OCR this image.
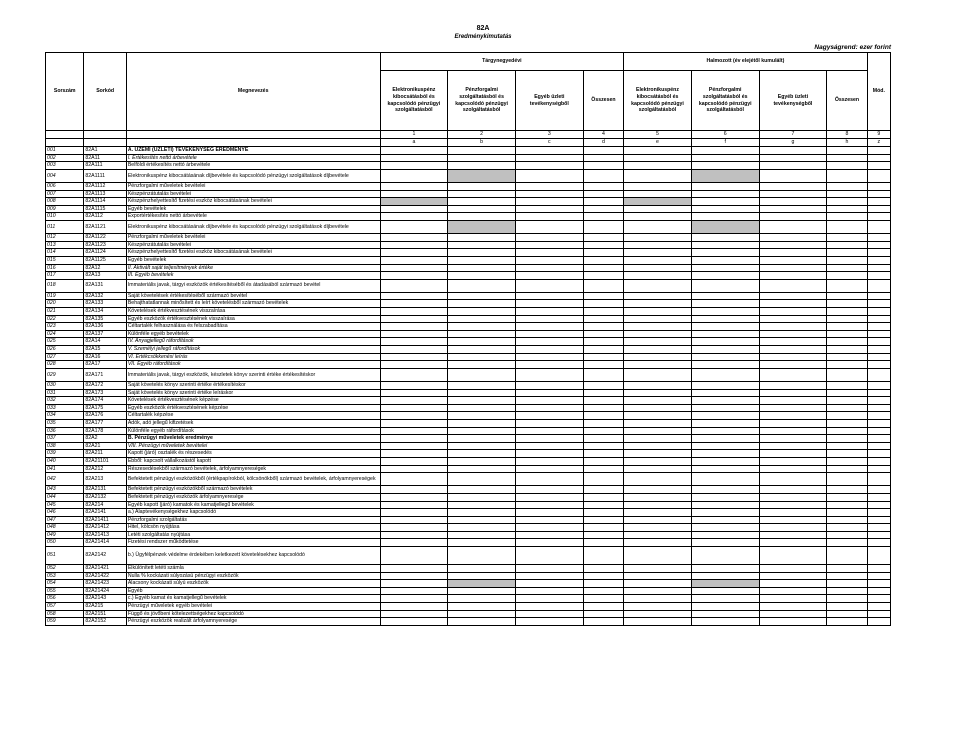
82A
Eredménykimutatás
Nagyságrend: ezer forint
Sorszám	Sorkód	Megnevezés	Tárgynegyedévi				Halmozott (év elejétől kumulált)				Mód.
			Elektronikuspénz kibocsátásból és kapcsolódó pénzügyi szolgáltatásból	Pénzforgalmi szolgáltatásból és kapcsolódó pénzügyi szolgáltatásból	Egyéb üzleti tevékenységből	Összesen	Elektronikuspénz kibocsátásból és kapcsolódó pénzügyi szolgáltatásból	Pénzforgalmi szolgáltatásból és kapcsolódó pénzügyi szolgáltatásból	Egyéb üzleti tevékenységből	Összesen	
			1	2	3	4	5	6	7	8	9
			a	b	c	d	e	f	g	h	z
001	82A1	A. ÜZEMI (ÜZLETI) TEVÉKENYSÉG EREDMÉNYE									
002	82A11	I. Értékesítés nettó árbevétele									
003	82A111	Belföldi értékesítés nettó árbevétele									
004	82A1111	Elektronikuspénz kibocsátásának díjbevétele és kapcsolódó pénzügyi szolgáltatások díjbevétele									
006	82A1112	Pénzforgalmi műveletek bevételei									
007	82A1113	Készpénzátutalás bevételei									
008	82A1114	Készpénzhelyettesítő fizetési eszköz kibocsátásának bevételei									
009	82A1115	Egyéb bevételek									
010	82A112	Exportértékesítés nettó árbevétele									
011	82A1121	Elektronikuspénz kibocsátásának díjbevétele és kapcsolódó pénzügyi szolgáltatások díjbevétele									
012	82A1122	Pénzforgalmi műveletek bevételei									
013	82A1123	Készpénzátutalás bevételei									
014	82A1124	Készpénzhelyettesítő fizetési eszköz kibocsátásának bevételei									
015	82A1125	Egyéb bevételek									
016	82A12	II. Aktivált saját teljesítmények értéke									
017	82A13	III. Egyéb bevételek									
018	82A131	Immateriális javak, tárgyi eszközök értékesítéséből és átadásából származó bevétel									
019	82A132	Saját követelések értékesítéséből származó bevétel									
020	82A133	Behajthatatlannak minősített és leírt követelésből származó bevételek									
021	82A134	Követelések értékvesztésének visszaírása									
022	82A135	Egyéb eszközök értékvesztésének visszaírása									
023	82A136	Céltartalék felhasználása és felszabadítása									
024	82A137	Különféle egyéb bevételek									
025	82A14	IV. Anyagjellegű ráfordítások									
026	82A15	V. Személyi jellegű ráfordítások									
027	82A16	VI. Értékcsökkenési leírás									
028	82A17	VII. Egyéb ráfordítások									
029	82A171	Immateriális javak, tárgyi eszközök, készletek könyv szerinti értéke értékesítéskor									
030	82A172	Saját követelés könyv szerinti értéke értékesítéskor									
031	82A173	Saját követelés könyv szerinti értéke leíráskor									
032	82A174	Követelések értékvesztésének képzése									
033	82A175	Egyéb eszközök értékvesztésének képzése									
034	82A176	Céltartalék képzése									
035	82A177	Adók, adó jellegű kifizetések									
036	82A178	Különféle egyéb ráfordítások									
037	82A2	B. Pénzügyi műveletek eredménye									
038	82A21	VIII. Pénzügyi műveletek bevételei									
039	82A211	Kapott (járó) osztalék és részesedés									
040	82A21101	Ebből: kapcsolt vállalkozástól kapott									
041	82A212	Részesedésekből származó bevételek, árfolyamnyereségek									
042	82A213	Befektetett pénzügyi eszközökből (értékpapírokból, kölcsönökből) származó bevételek, árfolyamnyereségek									
043	82A2131	Befektetett pénzügyi eszközökből származó bevételek									
044	82A2132	Befektetett pénzügyi eszközök árfolyamnyeresége									
045	82A214	Egyéb kapott (járó) kamatok és kamatjellegű bevételek									
046	82A2141	a.) Alaptevékenységekhez kapcsolódó									
047	82A21411	Pénzforgalmi szolgáltatás									
048	82A21412	Hitel, kölcsön nyújtása									
049	82A21413	Letéti szolgáltatás nyújtása									
050	82A21414	Fizetési rendszer működtetése									
051	82A2142	b.) Ügyfélpénzek védelme érdekében keletkezett követelésekhez kapcsolódó									
052	82A21421	Elkülönített letéti számla									
053	82A21422	Nulla % kockázati súlyozású pénzügyi eszközök									
054	82A21423	Alacsony kockázati súlyú eszközök									
055	82A21424	Egyéb									
056	82A2143	c.) Egyéb kamat és kamatjellegű bevételek									
057	82A215	Pénzügyi műveletek egyéb bevételei									
058	82A2151	Függő és jövőbeni kötelezettségekhez kapcsolódó									
059	82A2152	Pénzügyi eszközök realizált árfolyamnyeresége									
